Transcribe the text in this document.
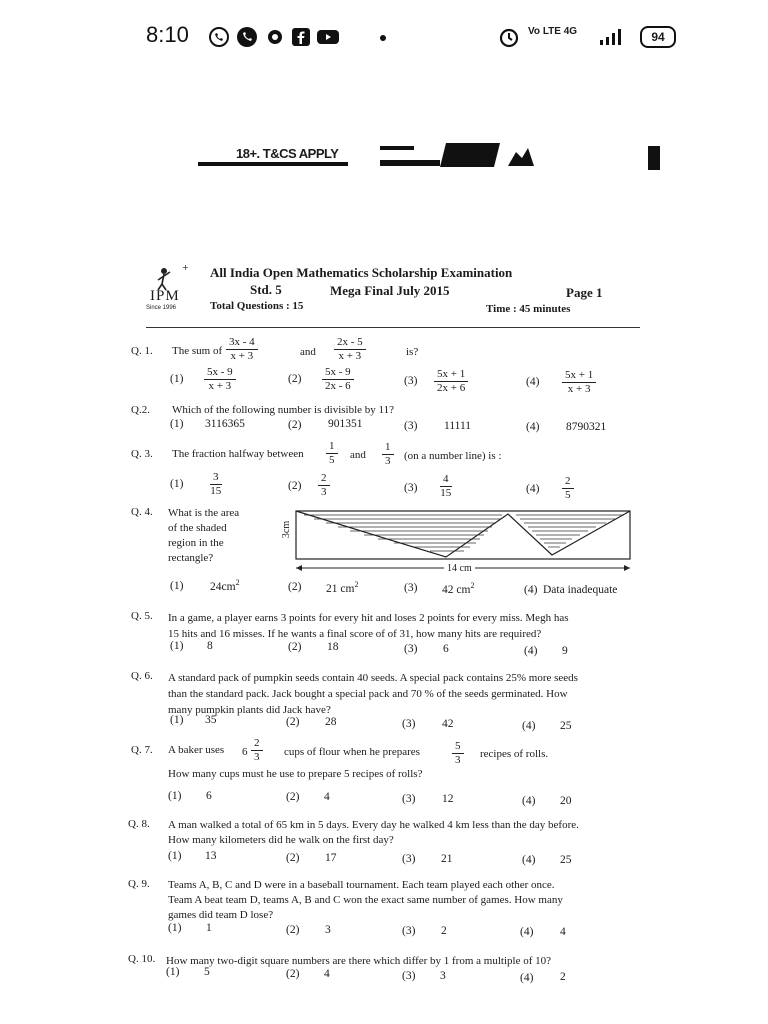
8:10	Vo LTE 4G	94
18+. T&CS APPLY
+
IPM
Since 1996
All India Open Mathematics Scholarship Examination
Std. 5	Mega Final July 2015	Page 1
Total Questions : 15	Time : 45 minutes
Q. 1. The sum of $\frac{3x - 4}{x + 3}$	and $\frac{2x - 5}{x + 3}$	is?
$(1) \frac{5x - 9}{x + 3}$	$(2) \frac{5x - 9}{2x - 6}$	$(3) \frac{5x + 1}{2x + 6}$	$(4) \frac{5x + 1}{x + 3}$
Q.2. Which of the following number is divisible by 11?
(1) 3116365	(2) 901351	(3) 11111	(4) 8790321
Q. 3. The fraction halfway between $\frac{1}{5}$ and $\frac{1}{3} (on$ a number line) is :
$(1) \frac{3}{15}$	$(2) \frac{2}{3}$	$(3) \frac{4}{15}$	$(4) \frac{2}{5}$
Q. 4. What is the area
of the shaded
region in the
rectangle?
3cm
14 cm
(1) $24cm^2$	(2) 21 $cm^2$	(3) 42 $cm^2$	(4) Data inadequate
Q. 5. In a game, a player earns 3 points for every hit and loses 2 points for every miss. Megh has
15 hits and 16 misses. If he wants a final score of of 31, how many hits are required?
(1) 8	(2) 18	(3) 6	(4) 9
Q. 6. A standard pack of pumpkin seeds contain 40 seeds. A special pack contains 25% more seeds
than the standard pack. Jack bought a special pack and 70 % of the seeds germinated. How
many pumpkin plants did Jack have?
(1) 35	(2) 28	(3) 42	(4) 25
Q. 7. A baker uses $6 \frac{2}{3}$ cups of flour when he prepares	$\frac{5}{3}$ recipes of rolls.
How many cups must he use to prepare 5 recipes of rolls?
(1) 6	(2) 4	(3) 12	(4) 20
Q. 8. A man walked a total of 65 km in 5 days. Every day he walked 4 km less than the day before.
How many kilometers did he walk on the first day?
(1) 13	(2) 17	(3) 21	(4) 25
Q. 9. Teams A, B, C and D were in a baseball tournament. Each team played each other once.
Team A beat team D, teams A, B and C won the exact same number of games. How many
games did team D lose?
(1) 1	(2) 3	(3) 2	(4) 4
Q. 10. How many two-digit square numbers are there which differ by 1 from a multiple of 10?
(1) 5	(2) 4	(3) 3	(4) 2
